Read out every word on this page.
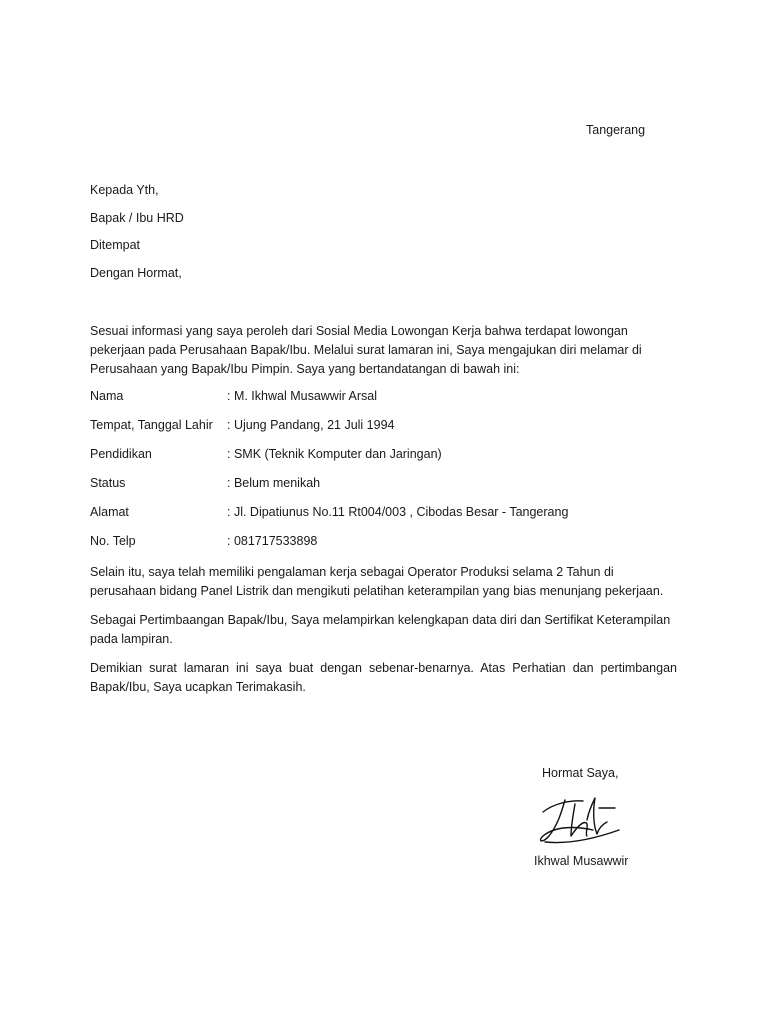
Tangerang
Kepada Yth,
Bapak / Ibu HRD
Ditempat
Dengan Hormat,
Sesuai informasi yang saya peroleh dari Sosial Media Lowongan Kerja bahwa terdapat lowongan pekerjaan pada Perusahaan Bapak/Ibu. Melalui surat lamaran ini, Saya mengajukan diri melamar di Perusahaan yang Bapak/Ibu Pimpin. Saya yang bertandatangan di bawah ini:
Nama	: M. Ikhwal Musawwir Arsal
Tempat, Tanggal Lahir : Ujung Pandang, 21 Juli 1994
Pendidikan	: SMK (Teknik Komputer dan Jaringan)
Status	: Belum menikah
Alamat	: Jl. Dipatiunus No.11 Rt004/003 , Cibodas Besar - Tangerang
No. Telp	: 081717533898
Selain itu, saya telah memiliki pengalaman kerja sebagai Operator Produksi selama 2 Tahun di perusahaan bidang Panel Listrik dan mengikuti pelatihan keterampilan yang bias menunjang pekerjaan.
Sebagai Pertimbaangan Bapak/Ibu, Saya melampirkan kelengkapan data diri dan Sertifikat Keterampilan pada lampiran.
Demikian surat lamaran ini saya buat dengan sebenar-benarnya. Atas Perhatian dan pertimbangan Bapak/Ibu, Saya ucapkan Terimakasih.
Hormat Saya,
Ikhwal Musawwir
